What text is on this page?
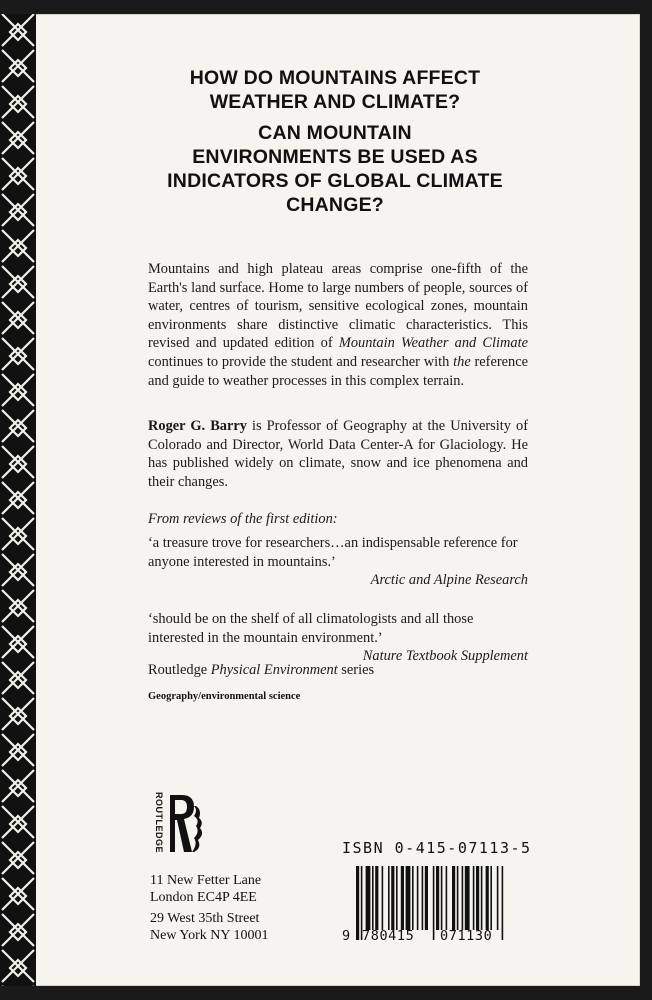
HOW DO MOUNTAINS AFFECT
WEATHER AND CLIMATE?
CAN MOUNTAIN
ENVIRONMENTS BE USED AS
INDICATORS OF GLOBAL CLIMATE
CHANGE?

Mountains and high plateau areas comprise one-fifth of the Earth's land surface. Home to large numbers of people, sources of water, centres of tourism, sensitive ecological zones, mountain environments share distinctive climatic characteristics. This revised and updated edition of Mountain Weather and Climate continues to provide the student and researcher with the reference and guide to weather processes in this complex terrain.

Roger G. Barry is Professor of Geography at the University of Colorado and Director, World Data Center-A for Glaciology. He has published widely on climate, snow and ice phenomena and their changes.

From reviews of the first edition:
‘a treasure trove for researchers…an indispensable reference for anyone interested in mountains.’
Arctic and Alpine Research
‘should be on the shelf of all climatologists and all those interested in the mountain environment.’
Nature Textbook Supplement
Routledge Physical Environment series
Geography/environmental science
ROUTLEDGE
11 New Fetter Lane
London EC4P 4EE
29 West 35th Street
New York NY 10001
ISBN 0-415-07113-5
9 780415 071130
